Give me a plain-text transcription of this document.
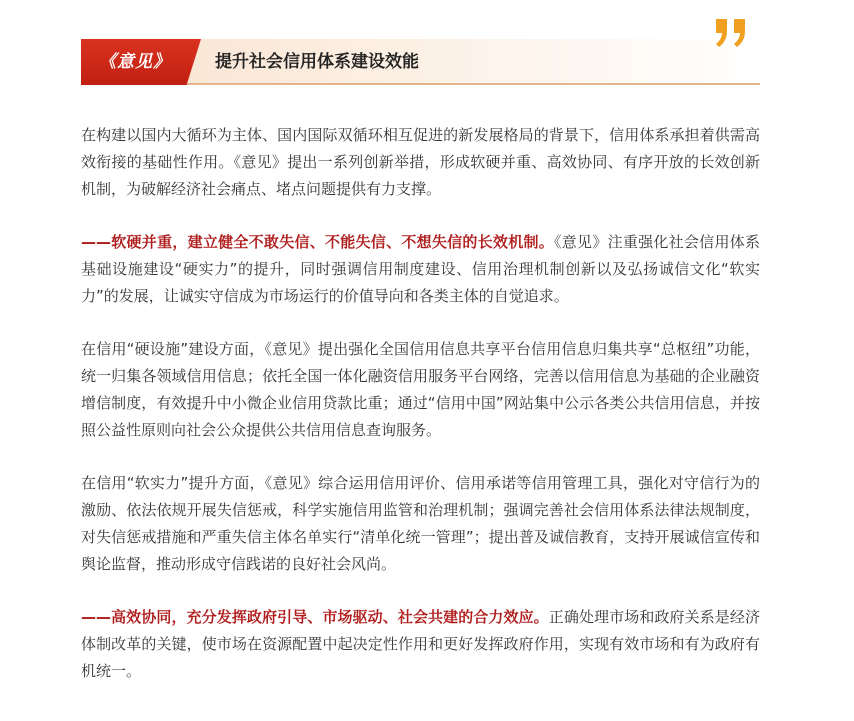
《意见》	提升社会信用体系建设效能

在构建以国内大循环为主体、国内国际双循环相互促进的新发展格局的背景下，信用体系承担着供需高效衔接的基础性作用。《意见》提出一系列创新举措，形成软硬并重、高效协同、有序开放的长效创新机制，为破解经济社会痛点、堵点问题提供有力支撑。

——软硬并重，建立健全不敢失信、不能失信、不想失信的长效机制。《意见》注重强化社会信用体系基础设施建设“硬实力”的提升，同时强调信用制度建设、信用治理机制创新以及弘扬诚信文化“软实力”的发展，让诚实守信成为市场运行的价值导向和各类主体的自觉追求。

在信用“硬设施”建设方面，《意见》提出强化全国信用信息共享平台信用信息归集共享“总枢纽”功能，统一归集各领域信用信息；依托全国一体化融资信用服务平台网络，完善以信用信息为基础的企业融资增信制度，有效提升中小微企业信用贷款比重；通过“信用中国”网站集中公示各类公共信用信息，并按照公益性原则向社会公众提供公共信用信息查询服务。

在信用“软实力”提升方面，《意见》综合运用信用评价、信用承诺等信用管理工具，强化对守信行为的激励、依法依规开展失信惩戒，科学实施信用监管和治理机制；强调完善社会信用体系法律法规制度，对失信惩戒措施和严重失信主体名单实行“清单化统一管理”；提出普及诚信教育，支持开展诚信宣传和舆论监督，推动形成守信践诺的良好社会风尚。

——高效协同，充分发挥政府引导、市场驱动、社会共建的合力效应。正确处理市场和政府关系是经济体制改革的关键，使市场在资源配置中起决定性作用和更好发挥政府作用，实现有效市场和有为政府有机统一。
